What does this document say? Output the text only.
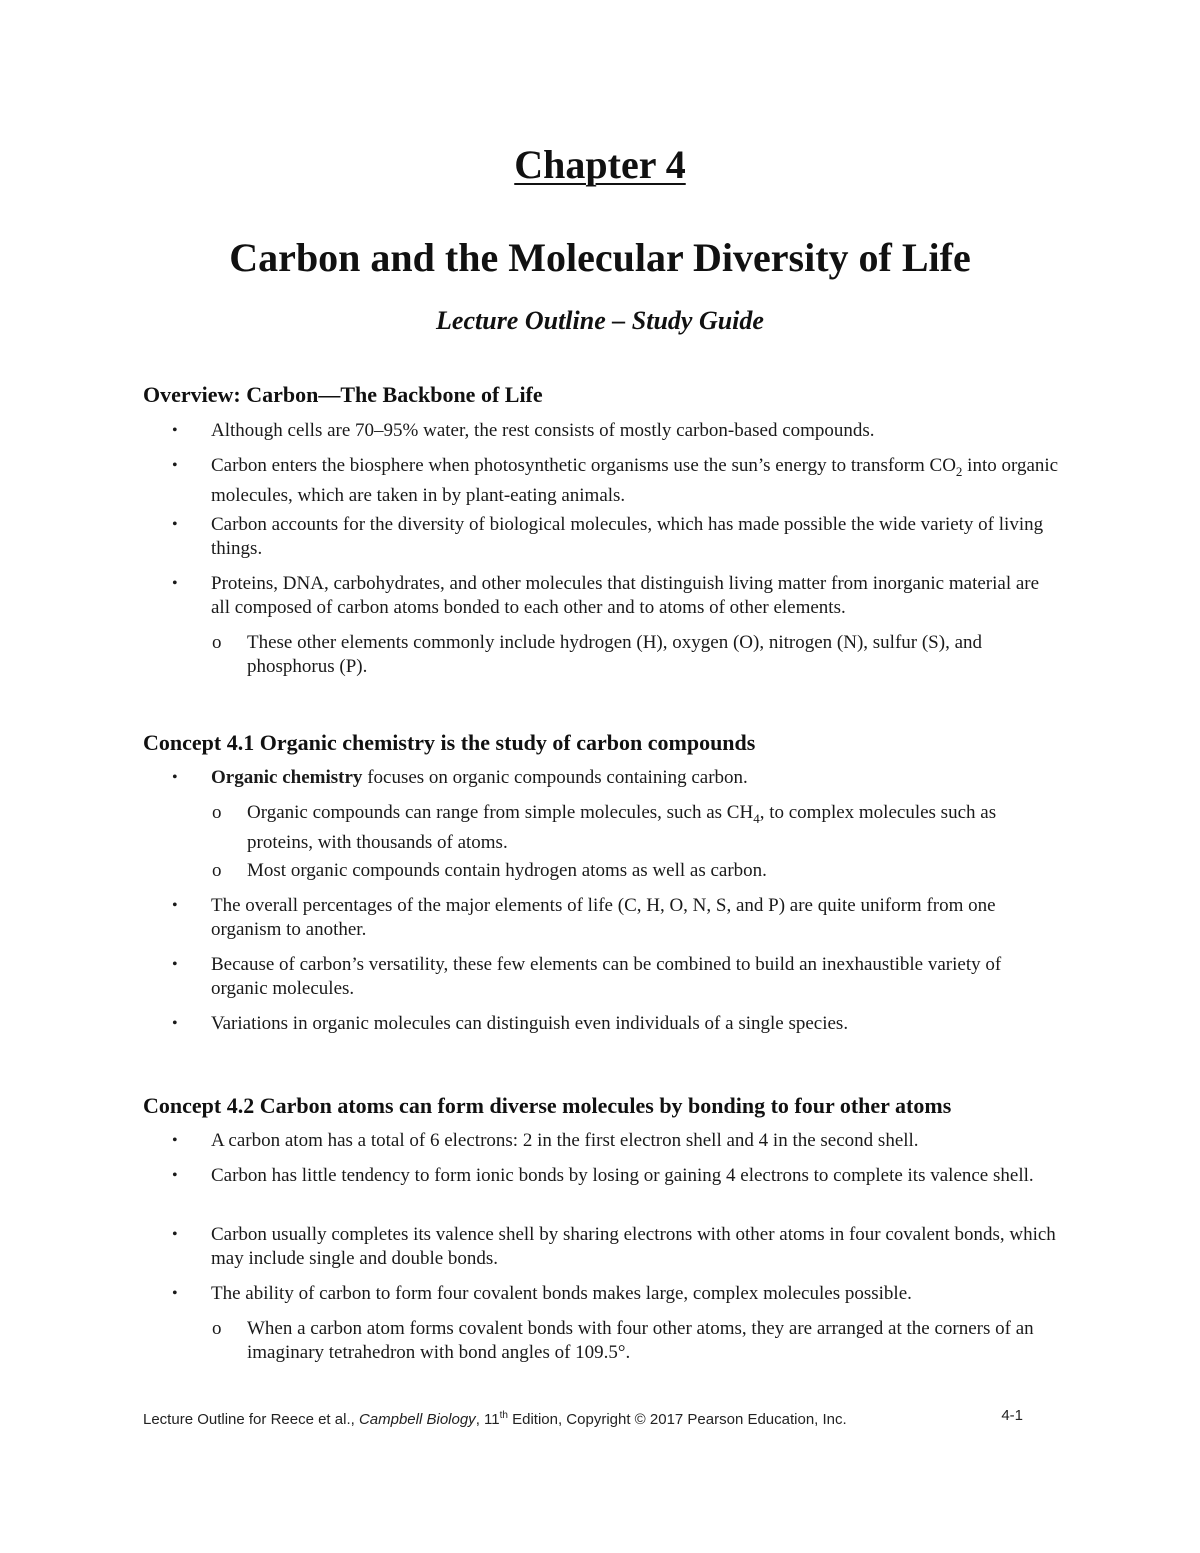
Chapter 4
Carbon and the Molecular Diversity of Life
Lecture Outline – Study Guide
Overview: Carbon—The Backbone of Life
• Although cells are 70–95% water, the rest consists of mostly carbon-based compounds.
• Carbon enters the biosphere when photosynthetic organisms use the sun’s energy to transform $CO_2$ into organic molecules, which are taken in by plant-eating animals.
• Carbon accounts for the diversity of biological molecules, which has made possible the wide variety of living things.
• Proteins, DNA, carbohydrates, and other molecules that distinguish living matter from inorganic material are all composed of carbon atoms bonded to each other and to atoms of other elements.
o These other elements commonly include hydrogen (H), oxygen (O), nitrogen (N), sulfur (S), and phosphorus (P).
Concept 4.1 Organic chemistry is the study of carbon compounds
• Organic chemistry focuses on organic compounds containing carbon.
o Organic compounds can range from simple molecules, such as $CH_4$, to complex molecules such as proteins, with thousands of atoms.
o Most organic compounds contain hydrogen atoms as well as carbon.
• The overall percentages of the major elements of life (C, H, O, N, S, and P) are quite uniform from one organism to another.
• Because of carbon’s versatility, these few elements can be combined to build an inexhaustible variety of organic molecules.
• Variations in organic molecules can distinguish even individuals of a single species.
Concept 4.2 Carbon atoms can form diverse molecules by bonding to four other atoms
• A carbon atom has a total of 6 electrons: 2 in the first electron shell and 4 in the second shell.
• Carbon has little tendency to form ionic bonds by losing or gaining 4 electrons to complete its valence shell.
• Carbon usually completes its valence shell by sharing electrons with other atoms in four covalent bonds, which may include single and double bonds.
• The ability of carbon to form four covalent bonds makes large, complex molecules possible.
o When a carbon atom forms covalent bonds with four other atoms, they are arranged at the corners of an imaginary tetrahedron with bond angles of 109.5°.
Lecture Outline for Reece et al., Campbell Biology, 11th Edition, Copyright © 2017 Pearson Education, Inc.	4-1
